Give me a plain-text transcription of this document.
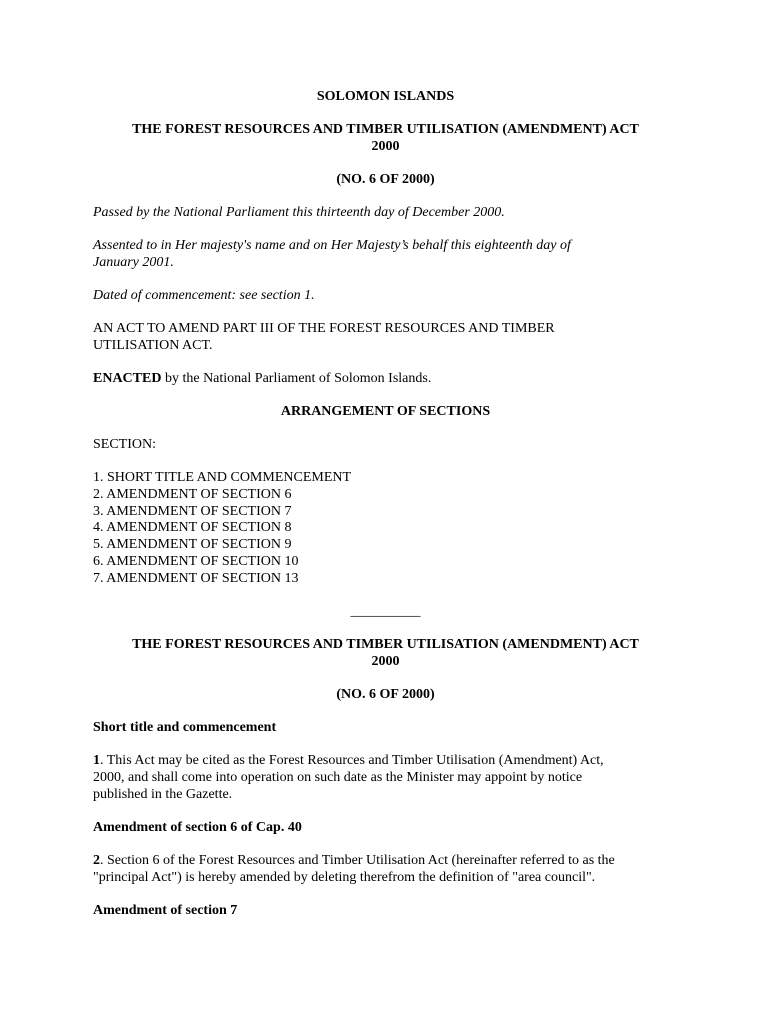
SOLOMON ISLANDS

THE FOREST RESOURCES AND TIMBER UTILISATION (AMENDMENT) ACT

2000

(NO. 6 OF 2000)

Passed by the National Parliament this thirteenth day of December 2000.

Assented to in Her majesty's name and on Her Majesty’s behalf this eighteenth day of

January 2001.

Dated of commencement: see section 1.

AN ACT TO AMEND PART III OF THE FOREST RESOURCES AND TIMBER

UTILISATION ACT.

ENACTED by the National Parliament of Solomon Islands.

ARRANGEMENT OF SECTIONS

SECTION:

1. SHORT TITLE AND COMMENCEMENT
2. AMENDMENT OF SECTION 6
3. AMENDMENT OF SECTION 7
4. AMENDMENT OF SECTION 8
5. AMENDMENT OF SECTION 9
6. AMENDMENT OF SECTION 10
7. AMENDMENT OF SECTION 13

__________

THE FOREST RESOURCES AND TIMBER UTILISATION (AMENDMENT) ACT

2000

(NO. 6 OF 2000)

Short title and commencement

1. This Act may be cited as the Forest Resources and Timber Utilisation (Amendment) Act,

2000, and shall come into operation on such date as the Minister may appoint by notice

published in the Gazette.

Amendment of section 6 of Cap. 40

2. Section 6 of the Forest Resources and Timber Utilisation Act (hereinafter referred to as the

"principal Act") is hereby amended by deleting therefrom the definition of "area council".

Amendment of section 7
